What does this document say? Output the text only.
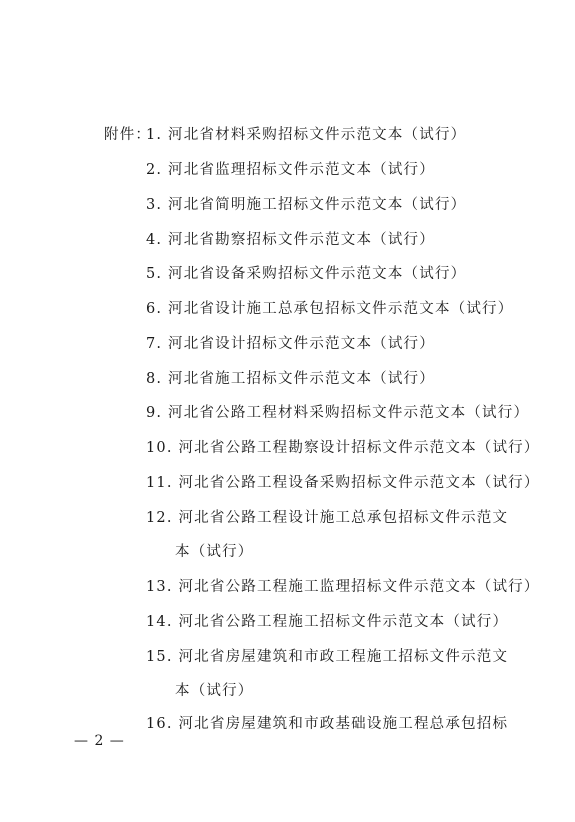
附件：
1. 河北省材料采购招标文件示范文本（试行）
2. 河北省监理招标文件示范文本（试行）
3. 河北省简明施工招标文件示范文本（试行）
4. 河北省勘察招标文件示范文本（试行）
5. 河北省设备采购招标文件示范文本（试行）
6. 河北省设计施工总承包招标文件示范文本（试行）
7. 河北省设计招标文件示范文本（试行）
8. 河北省施工招标文件示范文本（试行）
9. 河北省公路工程材料采购招标文件示范文本（试行）
10. 河北省公路工程勘察设计招标文件示范文本（试行）
11. 河北省公路工程设备采购招标文件示范文本（试行）
12. 河北省公路工程设计施工总承包招标文件示范文
本（试行）
13. 河北省公路工程施工监理招标文件示范文本（试行）
14. 河北省公路工程施工招标文件示范文本（试行）
15. 河北省房屋建筑和市政工程施工招标文件示范文
本（试行）
16. 河北省房屋建筑和市政基础设施工程总承包招标
— 2 —
